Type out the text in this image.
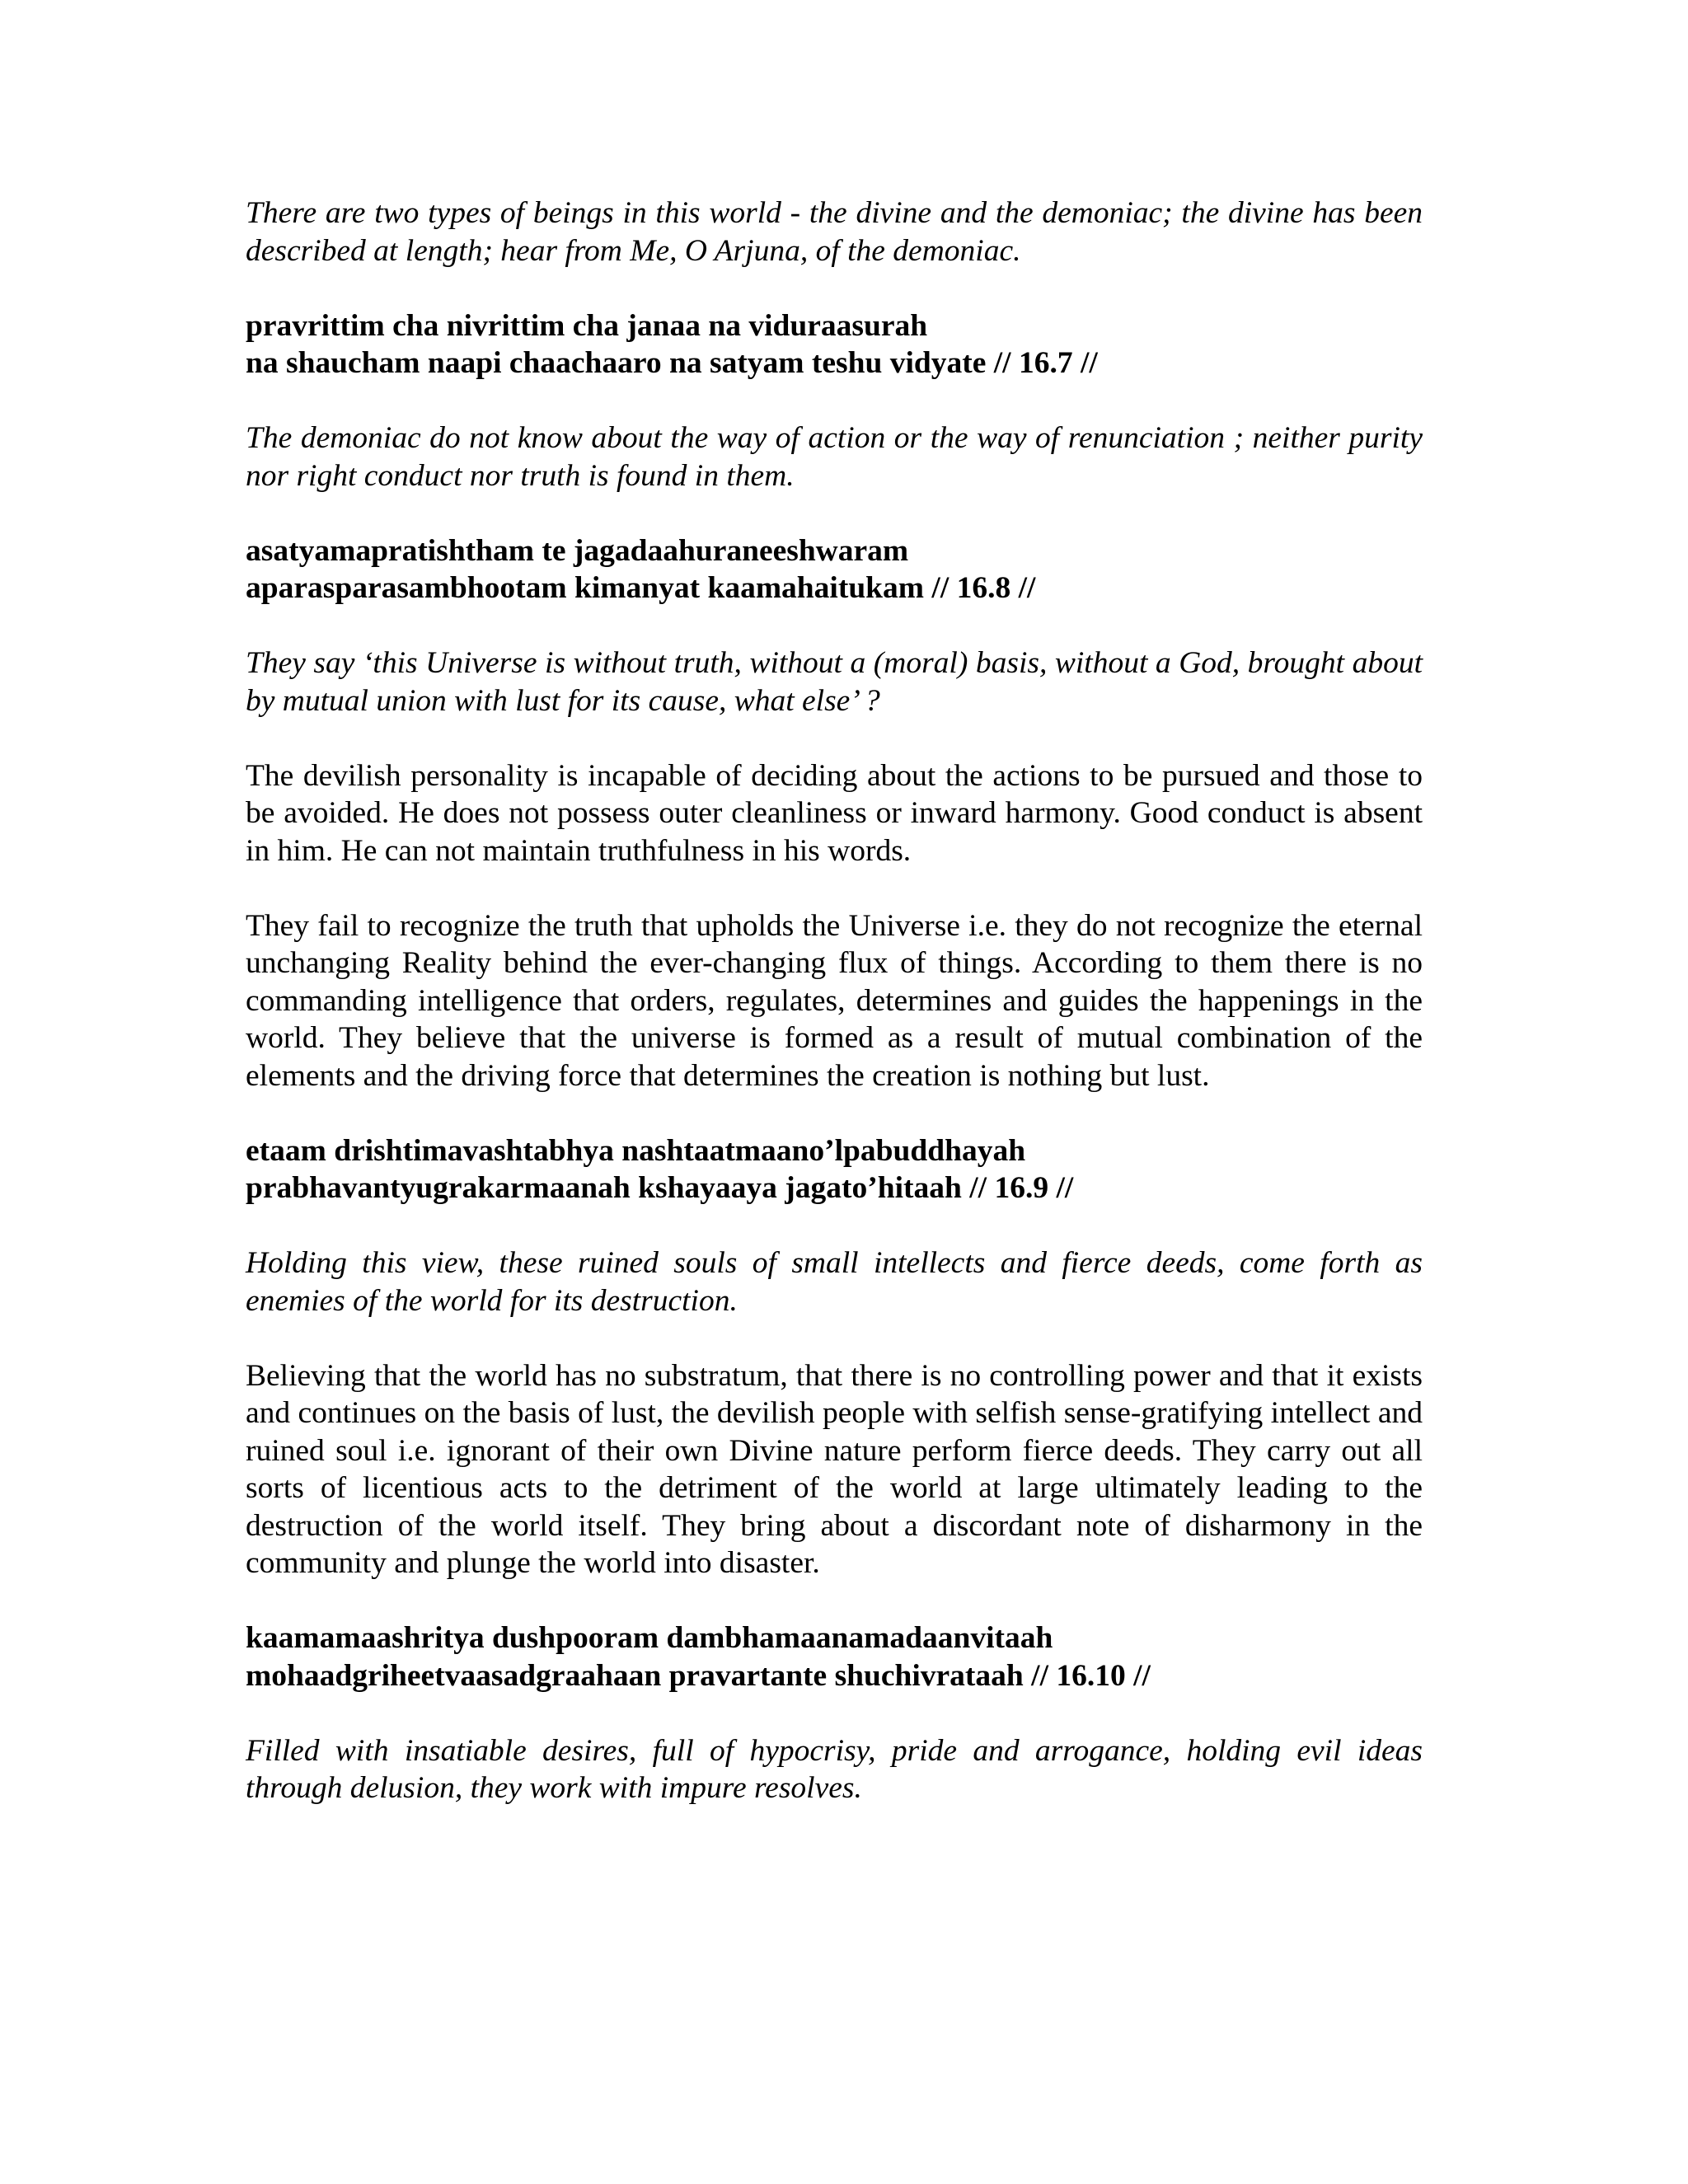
There are two types of beings in this world - the divine and the demoniac; the divine has been described at length; hear from Me, O Arjuna, of the demoniac.

pravrittim cha nivrittim cha janaa na viduraasurah
na shaucham naapi chaachaaro na satyam teshu vidyate // 16.7 //

The demoniac do not know about the way of action or the way of renunciation ; neither purity nor right conduct nor truth is found in them.

asatyamapratishtham te jagadaahuraneeshwaram
aparasparasambhootam kimanyat kaamahaitukam // 16.8 //

They say ‘this Universe is without truth, without a (moral) basis, without a God, brought about by mutual union with lust for its cause, what else’ ?

The devilish personality is incapable of deciding about the actions to be pursued and those to be avoided. He does not possess outer cleanliness or inward harmony. Good conduct is absent in him. He can not maintain truthfulness in his words.

They fail to recognize the truth that upholds the Universe i.e. they do not recognize the eternal unchanging Reality behind the ever-changing flux of things. According to them there is no commanding intelligence that orders, regulates, determines and guides the happenings in the world. They believe that the universe is formed as a result of mutual combination of the elements and the driving force that determines the creation is nothing but lust.

etaam drishtimavashtabhya nashtaatmaano’lpabuddhayah
prabhavantyugrakarmaanah kshayaaya jagato’hitaah // 16.9 //

Holding this view, these ruined souls of small intellects and fierce deeds, come forth as enemies of the world for its destruction.

Believing that the world has no substratum, that there is no controlling power and that it exists and continues on the basis of lust, the devilish people with selfish sense-gratifying intellect and ruined soul i.e. ignorant of their own Divine nature perform fierce deeds. They carry out all sorts of licentious acts to the detriment of the world at large ultimately leading to the destruction of the world itself. They bring about a discordant note of disharmony in the community and plunge the world into disaster.

kaamamaashritya dushpooram dambhamaanamadaanvitaah
mohaadgriheetvaasadgraahaan pravartante shuchivrataah // 16.10 //

Filled with insatiable desires, full of hypocrisy, pride and arrogance, holding evil ideas through delusion, they work with impure resolves.
